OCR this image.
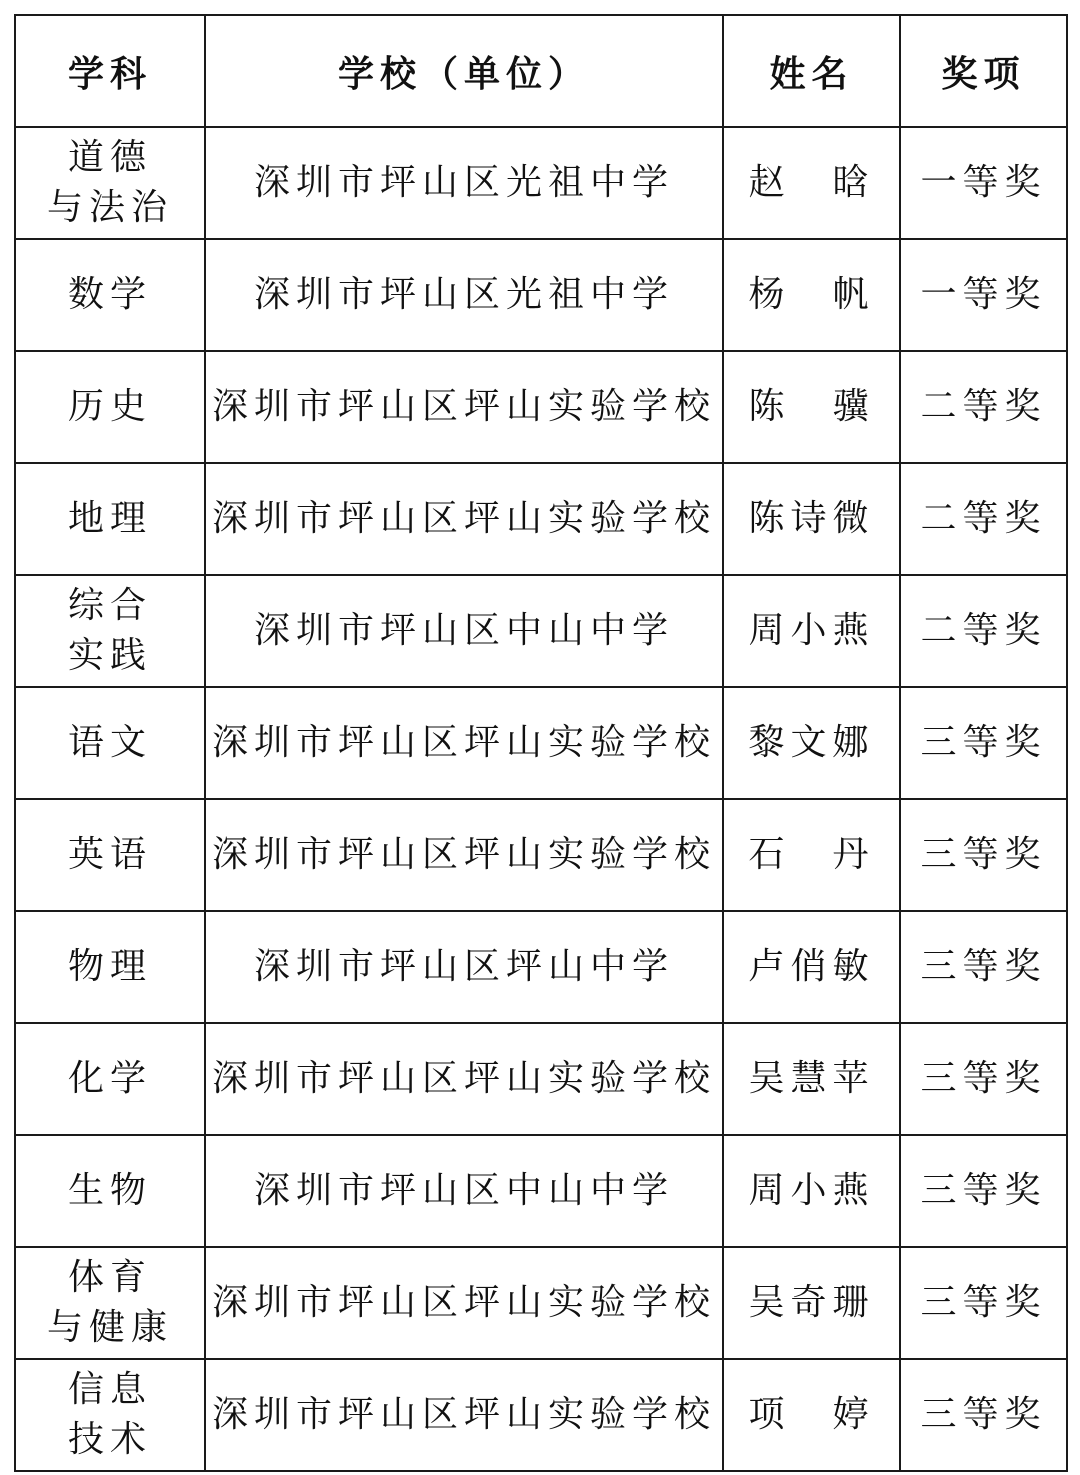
学科	学校（单位）	姓名	奖项
道德
与法治	深圳市坪山区光祖中学	赵　晗	一等奖
数学	深圳市坪山区光祖中学	杨　帆	一等奖
历史	深圳市坪山区坪山实验学校	陈　骥	二等奖
地理	深圳市坪山区坪山实验学校	陈诗微	二等奖
综合
实践	深圳市坪山区中山中学	周小燕	二等奖
语文	深圳市坪山区坪山实验学校	黎文娜	三等奖
英语	深圳市坪山区坪山实验学校	石　丹	三等奖
物理	深圳市坪山区坪山中学	卢俏敏	三等奖
化学	深圳市坪山区坪山实验学校	吴慧苹	三等奖
生物	深圳市坪山区中山中学	周小燕	三等奖
体育
与健康	深圳市坪山区坪山实验学校	吴奇珊	三等奖
信息
技术	深圳市坪山区坪山实验学校	项　婷	三等奖
